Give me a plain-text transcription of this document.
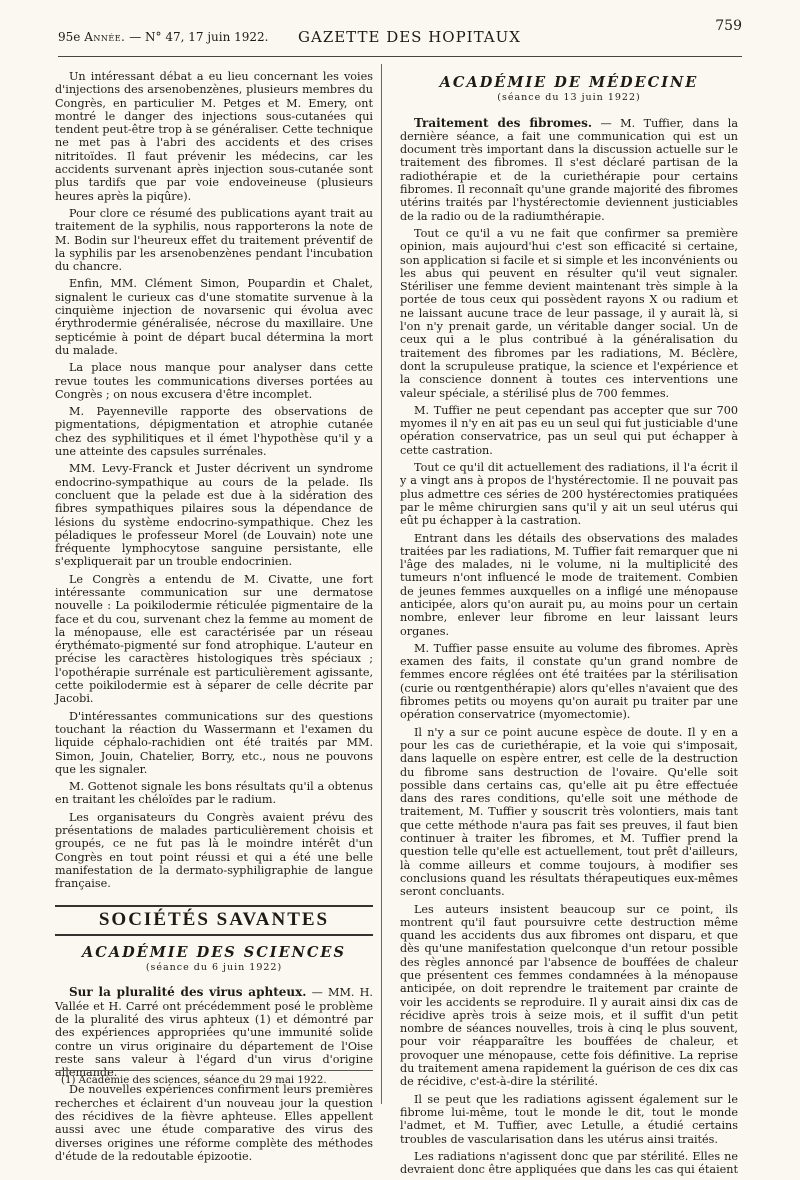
95e Année. — N° 47, 17 juin 1922. GAZETTE DES HOPITAUX
759

Un intéressant débat a eu lieu concernant les voies d'injections des arsenobenzènes, plusieurs membres du Congrès, en particulier M. Petges et M. Emery, ont montré le danger des injections sous-cutanées qui tendent peut-être trop à se généraliser. Cette technique ne met pas à l'abri des accidents et des crises nitritoïdes. Il faut prévenir les médecins, car les accidents survenant après injection sous-cutanée sont plus tardifs que par voie endoveineuse (plusieurs heures après la piqûre).

Pour clore ce résumé des publications ayant trait au traitement de la syphilis, nous rapporterons la note de M. Bodin sur l'heureux effet du traitement préventif de la syphilis par les arsenobenzènes pendant l'incubation du chancre.

Enfin, MM. Clément Simon, Poupardin et Chalet, signalent le curieux cas d'une stomatite survenue à la cinquième injection de novarsenic qui évolua avec érythrodermie généralisée, nécrose du maxillaire. Une septicémie à point de départ bucal détermina la mort du malade.

La place nous manque pour analyser dans cette revue toutes les communications diverses portées au Congrès ; on nous excusera d'être incomplet.

M. Payenneville rapporte des observations de pigmentations, dépigmentation et atrophie cutanée chez des syphilitiques et il émet l'hypothèse qu'il y a une atteinte des capsules surrénales.

MM. Levy-Franck et Juster décrivent un syndrome endocrino-sympathique au cours de la pelade. Ils concluent que la pelade est due à la sidération des fibres sympathiques pilaires sous la dépendance de lésions du système endocrino-sympathique. Chez les péladiques le professeur Morel (de Louvain) note une fréquente lymphocytose sanguine persistante, elle s'expliquerait par un trouble endocrinien.

Le Congrès a entendu de M. Civatte, une fort intéressante communication sur une dermatose nouvelle : La poikilodermie réticulée pigmentaire de la face et du cou, survenant chez la femme au moment de la ménopause, elle est caractérisée par un réseau érythémato-pigmenté sur fond atrophique. L'auteur en précise les caractères histologiques très spéciaux ; l'opothérapie surrénale est particulièrement agissante, cette poikilodermie est à séparer de celle décrite par Jacobi.

D'intéressantes communications sur des questions touchant la réaction du Wassermann et l'examen du liquide céphalo-rachidien ont été traités par MM. Simon, Jouin, Chatelier, Borry, etc., nous ne pouvons que les signaler.

M. Gottenot signale les bons résultats qu'il a obtenus en traitant les chéloïdes par le radium.

Les organisateurs du Congrès avaient prévu des présentations de malades particulièrement choisis et groupés, ce ne fut pas là le moindre intérêt d'un Congrès en tout point réussi et qui a été une belle manifestation de la dermato-syphiligraphie de langue française.

SOCIÉTÉS SAVANTES
ACADÉMIE DES SCIENCES
(séance du 6 juin 1922)

Sur la pluralité des virus aphteux. — MM. H. Vallée et H. Carré ont précédemment posé le problème de la pluralité des virus aphteux (1) et démontré par des expériences appropriées qu'une immunité solide contre un virus originaire du département de l'Oise reste sans valeur à l'égard d'un virus d'origine allemande.

De nouvelles expériences confirment leurs premières recherches et éclairent d'un nouveau jour la question des récidives de la fièvre aphteuse. Elles appellent aussi avec une étude comparative des virus des diverses origines une réforme complète des méthodes d'étude de la redoutable épizootie.

(1) Académie des sciences, séance du 29 mai 1922.
ACADÉMIE DE MÉDECINE
(séance du 13 juin 1922)

Traitement des fibromes. — M. Tuffier, dans la dernière séance, a fait une communication qui est un document très important dans la discussion actuelle sur le traitement des fibromes. Il s'est déclaré partisan de la radiothérapie et de la curiethérapie pour certains fibromes. Il reconnaît qu'une grande majorité des fibromes utérins traités par l'hystérectomie deviennent justiciables de la radio ou de la radiumthérapie.

Tout ce qu'il a vu ne fait que confirmer sa première opinion, mais aujourd'hui c'est son efficacité si certaine, son application si facile et si simple et les inconvénients ou les abus qui peuvent en résulter qu'il veut signaler. Stériliser une femme devient maintenant très simple à la portée de tous ceux qui possèdent rayons X ou radium et ne laissant aucune trace de leur passage, il y aurait là, si l'on n'y prenait garde, un véritable danger social. Un de ceux qui a le plus contribué à la généralisation du traitement des fibromes par les radiations, M. Béclère, dont la scrupuleuse pratique, la science et l'expérience et la conscience donnent à toutes ces interventions une valeur spéciale, a stérilisé plus de 700 femmes.

M. Tuffier ne peut cependant pas accepter que sur 700 myomes il n'y en ait pas eu un seul qui fut justiciable d'une opération conservatrice, pas un seul qui put échapper à cette castration.

Tout ce qu'il dit actuellement des radiations, il l'a écrit il y a vingt ans à propos de l'hystérectomie. Il ne pouvait pas plus admettre ces séries de 200 hystérectomies pratiquées par le même chirurgien sans qu'il y ait un seul utérus qui eût pu échapper à la castration.

Entrant dans les détails des observations des malades traitées par les radiations, M. Tuffier fait remarquer que ni l'âge des malades, ni le volume, ni la multiplicité des tumeurs n'ont influencé le mode de traitement. Combien de jeunes femmes auxquelles on a infligé une ménopause anticipée, alors qu'on aurait pu, au moins pour un certain nombre, enlever leur fibrome en leur laissant leurs organes.

M. Tuffier passe ensuite au volume des fibromes. Après examen des faits, il constate qu'un grand nombre de femmes encore réglées ont été traitées par la stérilisation (curie ou rœntgenthérapie) alors qu'elles n'avaient que des fibromes petits ou moyens qu'on aurait pu traiter par une opération conservatrice (myomectomie).

Il n'y a sur ce point aucune espèce de doute. Il y en a pour les cas de curiethérapie, et la voie qui s'imposait, dans laquelle on espère entrer, est celle de la destruction du fibrome sans destruction de l'ovaire. Qu'elle soit possible dans certains cas, qu'elle ait pu être effectuée dans des rares conditions, qu'elle soit une méthode de traitement, M. Tuffier y souscrit très volontiers, mais tant que cette méthode n'aura pas fait ses preuves, il faut bien continuer à traiter les fibromes, et M. Tuffier prend la question telle qu'elle est actuellement, tout prêt d'ailleurs, là comme ailleurs et comme toujours, à modifier ses conclusions quand les résultats thérapeutiques eux-mêmes seront concluants.

Les auteurs insistent beaucoup sur ce point, ils montrent qu'il faut poursuivre cette destruction même quand les accidents dus aux fibromes ont disparu, et que dès qu'une manifestation quelconque d'un retour possible des règles annoncé par l'absence de bouffées de chaleur que présentent ces femmes condamnées à la ménopause anticipée, on doit reprendre le traitement par crainte de voir les accidents se reproduire. Il y aurait ainsi dix cas de récidive après trois à seize mois, et il suffit d'un petit nombre de séances nouvelles, trois à cinq le plus souvent, pour voir réapparaître les bouffées de chaleur, et provoquer une ménopause, cette fois définitive. La reprise du traitement amena rapidement la guérison de ces dix cas de récidive, c'est-à-dire la stérilité.

Il se peut que les radiations agissent également sur le fibrome lui-même, tout le monde le dit, tout le monde l'admet, et M. Tuffier, avec Letulle, a étudié certains troubles de vascularisation dans les utérus ainsi traités.

Les radiations n'agissent donc que par stérilité. Elles ne devraient donc être appliquées que dans les cas qui étaient
